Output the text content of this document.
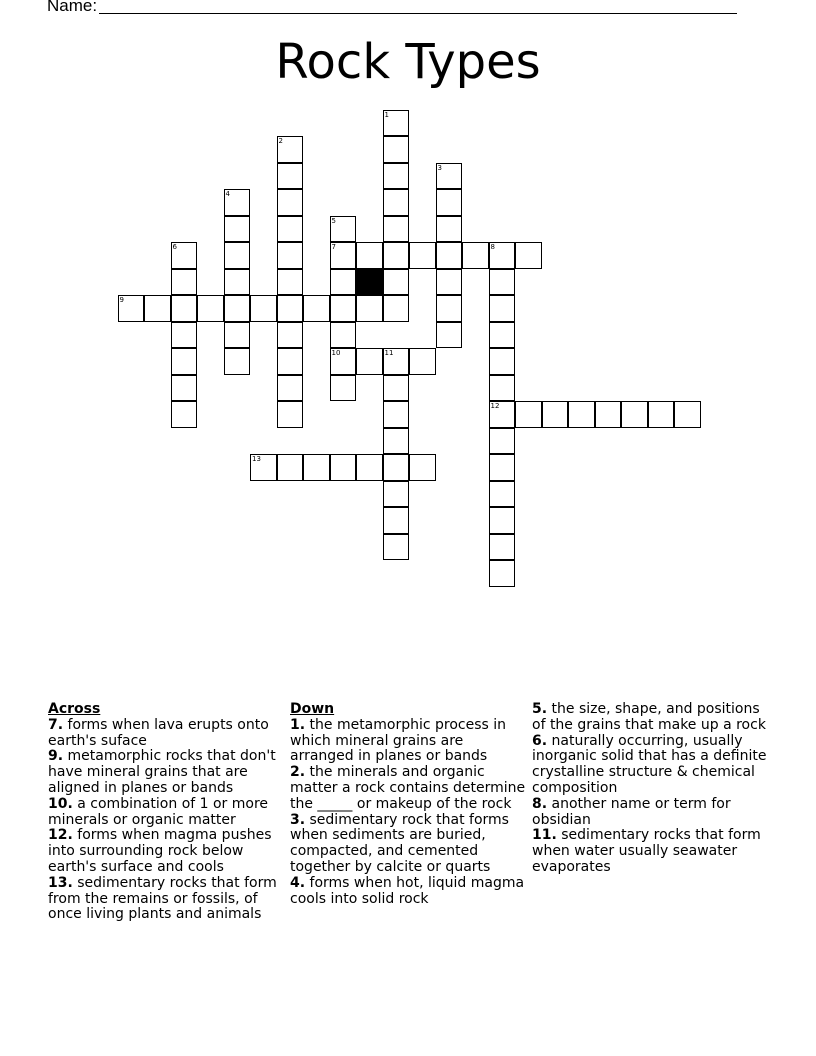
Name:
Rock Types
1
2
3
4
5
7
10
6	8
12
9
11
13
Across
7. forms when lava erupts onto earth's suface
9. metamorphic rocks that don't have mineral grains that are aligned in planes or bands
10. a combination of 1 or more minerals or organic matter
12. forms when magma pushes into surrounding rock below earth's surface and cools
13. sedimentary rocks that form from the remains or fossils, of once living plants and animals
Down
1. the metamorphic process in which mineral grains are arranged in planes or bands
2. the minerals and organic matter a rock contains determine the _____ or makeup of the rock
3. sedimentary rock that forms when sediments are buried, compacted, and cemented together by calcite or quarts
4. forms when hot, liquid magma cools into solid rock
5. the size, shape, and positions of the grains that make up a rock
6. naturally occurring, usually inorganic solid that has a definite crystalline structure & chemical composition
8. another name or term for obsidian
11. sedimentary rocks that form when water usually seawater evaporates
